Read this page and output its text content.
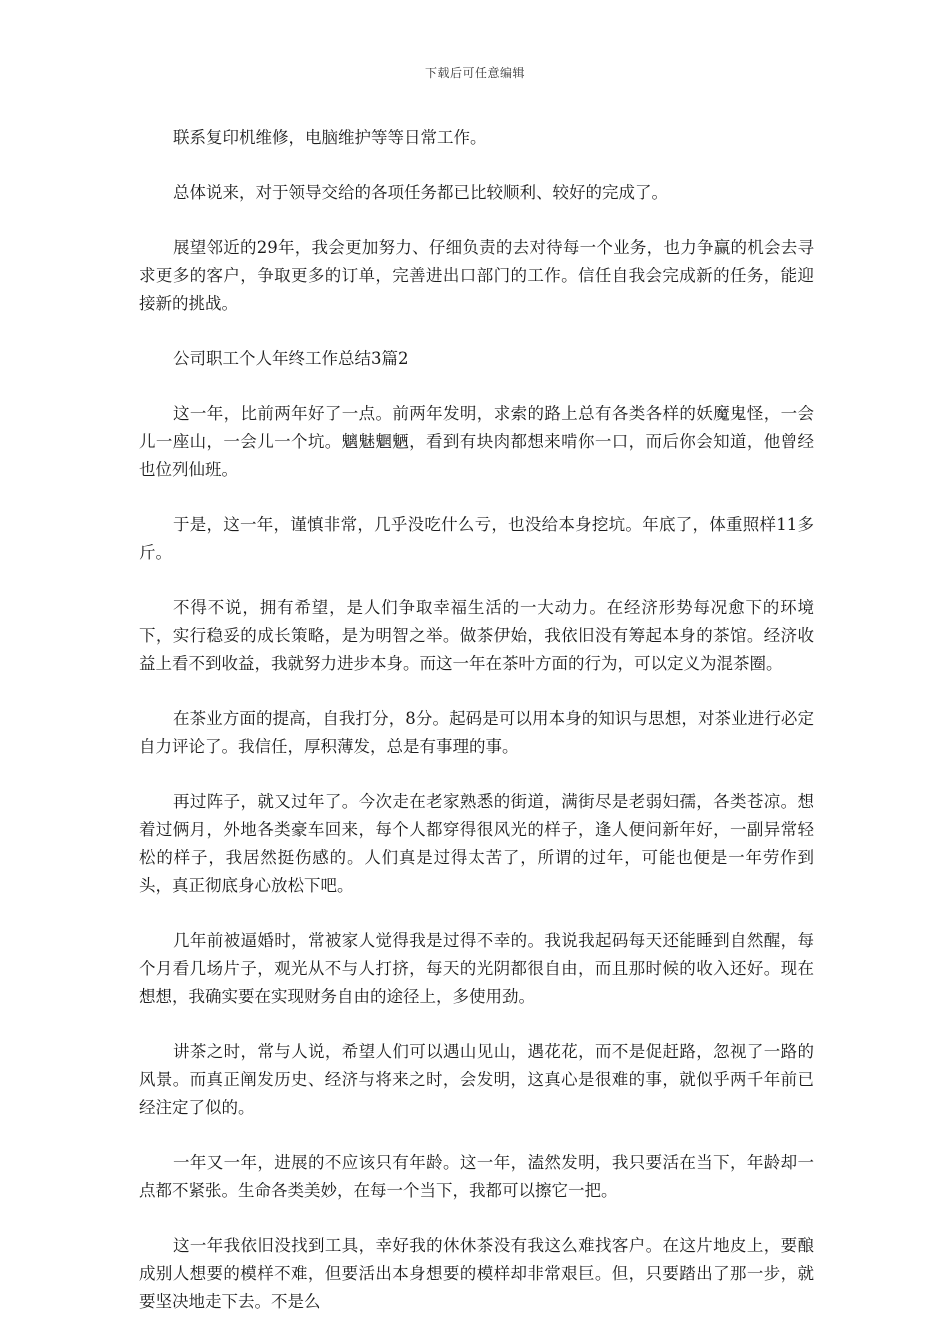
下载后可任意编辑

联系复印机维修，电脑维护等等日常工作。

总体说来，对于领导交给的各项任务都已比较顺利、较好的完成了。

展望邻近的29年，我会更加努力、仔细负责的去对待每一个业务，也力争赢的机会去寻求更多的客户，争取更多的订单，完善进出口部门的工作。信任自我会完成新的任务，能迎接新的挑战。

公司职工个人年终工作总结3篇2

这一年，比前两年好了一点。前两年发明，求索的路上总有各类各样的妖魔鬼怪，一会儿一座山，一会儿一个坑。魑魅魍魉，看到有块肉都想来啃你一口，而后你会知道，他曾经也位列仙班。

于是，这一年，谨慎非常，几乎没吃什么亏，也没给本身挖坑。年底了，体重照样11多斤。

不得不说，拥有希望，是人们争取幸福生活的一大动力。在经济形势每况愈下的环境下，实行稳妥的成长策略，是为明智之举。做茶伊始，我依旧没有筹起本身的茶馆。经济收益上看不到收益，我就努力进步本身。而这一年在茶叶方面的行为，可以定义为混茶圈。

在茶业方面的提高，自我打分，8分。起码是可以用本身的知识与思想，对茶业进行必定自力评论了。我信任，厚积薄发，总是有事理的事。

再过阵子，就又过年了。今次走在老家熟悉的街道，满街尽是老弱妇孺，各类苍凉。想着过俩月，外地各类豪车回来，每个人都穿得很风光的样子，逢人便问新年好，一副异常轻松的样子，我居然挺伤感的。人们真是过得太苦了，所谓的过年，可能也便是一年劳作到头，真正彻底身心放松下吧。

几年前被逼婚时，常被家人觉得我是过得不幸的。我说我起码每天还能睡到自然醒，每个月看几场片子，观光从不与人打挤，每天的光阴都很自由，而且那时候的收入还好。现在想想，我确实要在实现财务自由的途径上，多使用劲。

讲茶之时，常与人说，希望人们可以遇山见山，遇花花，而不是促赶路，忽视了一路的风景。而真正阐发历史、经济与将来之时，会发明，这真心是很难的事，就似乎两千年前已经注定了似的。

一年又一年，进展的不应该只有年龄。这一年，溘然发明，我只要活在当下，年龄却一点都不紧张。生命各类美妙，在每一个当下，我都可以擦它一把。

这一年我依旧没找到工具，幸好我的休休茶没有我这么难找客户。在这片地皮上，要酿成别人想要的模样不难，但要活出本身想要的模样却非常艰巨。但，只要踏出了那一步，就要坚决地走下去。不是么
